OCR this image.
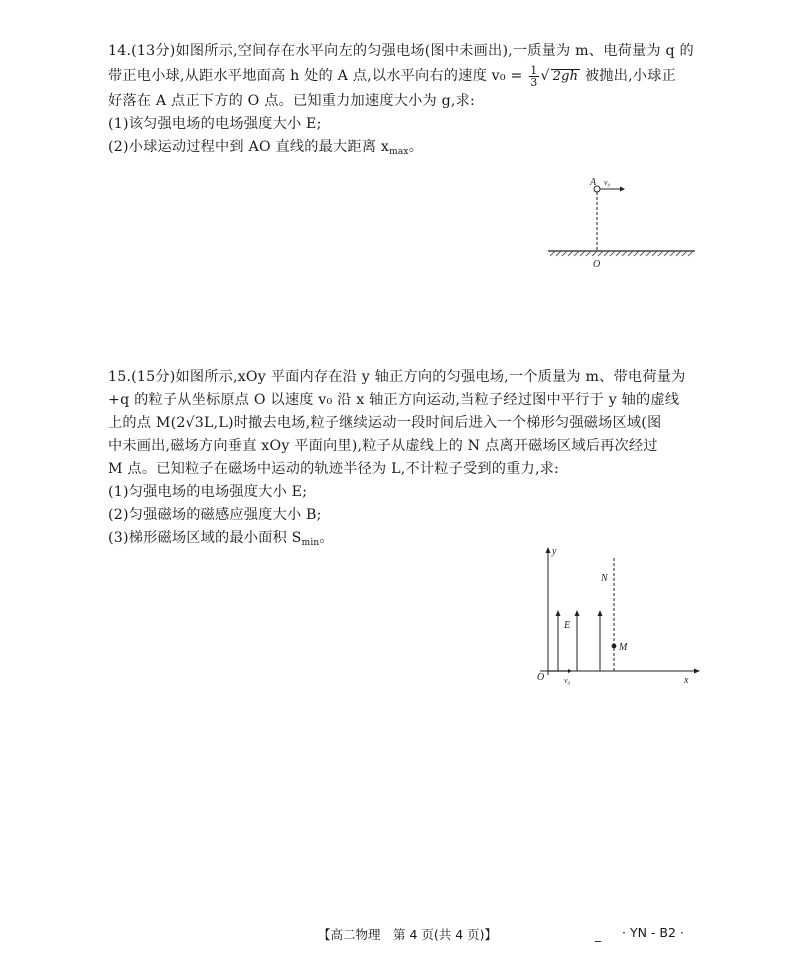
14.(13分)如图所示,空间存在水平向左的匀强电场(图中未画出),一质量为 m、电荷量为 q 的

带正电小球,从距水平地面高 h 处的 A 点,以水平向右的速度 $v_0 = \frac{1}{3}$ √ 2gh 被抛出,小球正

好落在 A 点正下方的 O 点。已知重力加速度大小为 g,求:

(1)该匀强电场的电场强度大小 E;

(2)小球运动过程中到 AO 直线的最大距离 $x_{max}$。

A v₀
O

15.(15分)如图所示,xOy 平面内存在沿 y 轴正方向的匀强电场,一个质量为 m、带电荷量为

+q 的粒子从坐标原点 O 以速度 v₀ 沿 x 轴正方向运动,当粒子经过图中平行于 y 轴的虚线

上的点 M(2√3L,L)时撤去电场,粒子继续运动一段时间后进入一个梯形匀强磁场区域(图

中未画出,磁场方向垂直 xOy 平面向里),粒子从虚线上的 N 点离开磁场区域后再次经过

M 点。已知粒子在磁场中运动的轨迹半径为 L,不计粒子受到的重力,求:

(1)匀强电场的电场强度大小 E;

(2)匀强磁场的磁感应强度大小 B;

(3)梯形磁场区域的最小面积 $S_{min}$。

y
x
O
N
M
E
v₀
【高二物理　第 4 页(共 4 页)】	_ · YN - B2 ·
